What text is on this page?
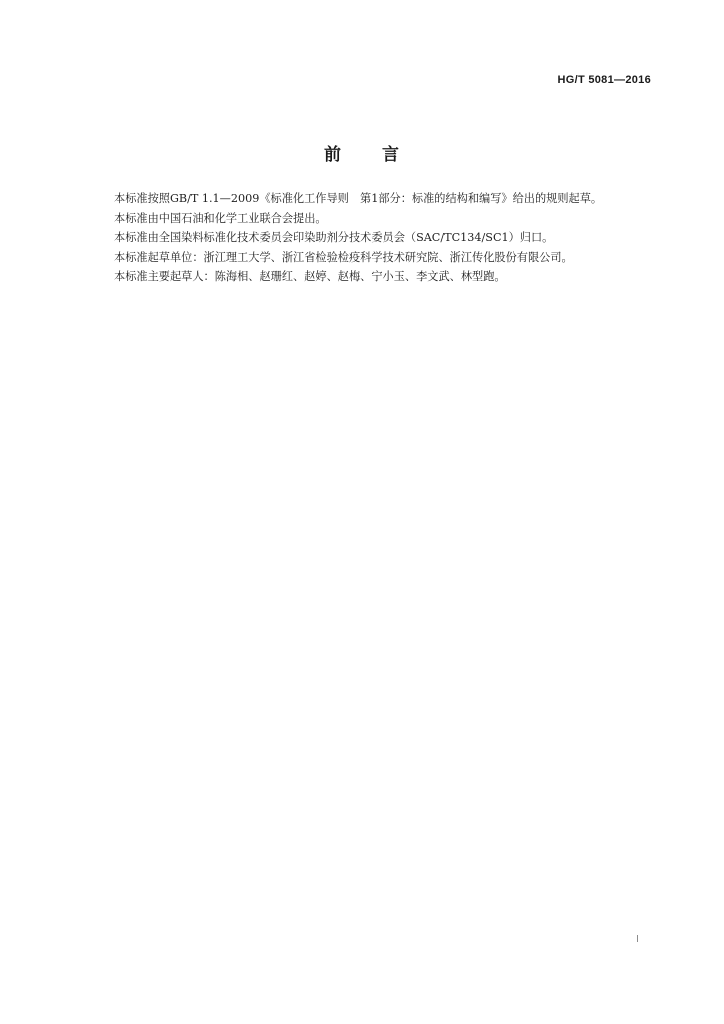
HG/T 5081—2016
前 言

本标准按照GB/T 1.1—2009《标准化工作导则　第1部分：标准的结构和编写》给出的规则起草。

本标准由中国石油和化学工业联合会提出。

本标准由全国染料标准化技术委员会印染助剂分技术委员会（SAC/TC134/SC1）归口。

本标准起草单位：浙江理工大学、浙江省检验检疫科学技术研究院、浙江传化股份有限公司。

本标准主要起草人：陈海相、赵珊红、赵婷、赵梅、宁小玉、李文武、林型跑。

I
